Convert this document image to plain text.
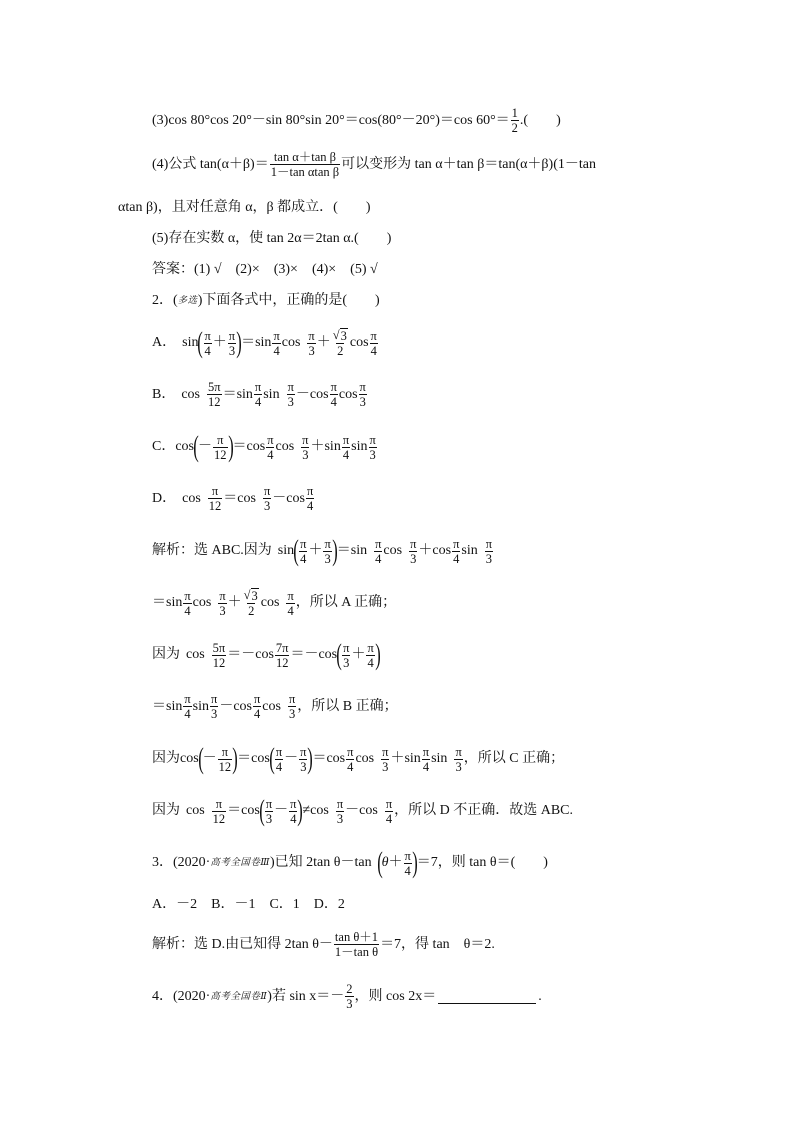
(3)cos 80°cos 20°－sin 80°sin 20°＝cos(80°－20°)＝cos $60^\circ= \frac{1}{2}$ .(　　)
(4)公式 $\tan(\alpha+\beta)= \frac{\text{tan α＋tan β}}{\text{1－tan αtan β}}$ 可以变形为 tan α＋tan β＝tan(α＋β)(1－tan
αtan β)，且对任意角 α，β 都成立．(　　)
(5)存在实数 α，使 tan 2α＝2tan α.(　　)
答案：(1) √　(2)×　(3)×　(4)×　(5) √
2．( 多选 )下面各式中，正确的是(　　)
A． sin ( $\frac{\pi}{4} + \frac{\pi}{3}$ ) ＝ $\sin \frac{\pi}{4}$ $\cos \frac{\pi}{3} + \frac{√ 3}{2}$ $\cos \frac{\pi}{4}$
B． $\cos \frac{5\pi}{12} = \sin \frac{\pi}{4}$ $\sin \frac{\pi}{3} - \cos \frac{\pi}{4}$ $\cos \frac{\pi}{3}$
C． cos ( － $\frac{\pi}{12}$ ) ＝ $\cos \frac{\pi}{4}$ $\cos \frac{\pi}{3} + \sin \frac{\pi}{4}$ $\sin \frac{\pi}{3}$
D． $\cos \frac{\pi}{12} = \cos \frac{\pi}{3} - \cos \frac{\pi}{4}$
解析：选 ABC.因为 sin ( $\frac{\pi}{4} + \frac{\pi}{3}$ ) ＝ $\sin \frac{\pi}{4}$ $\cos \frac{\pi}{3} + \cos \frac{\pi}{4}$ $\sin \frac{\pi}{3}$
＝ $\sin \frac{\pi}{4}$ $\cos \frac{\pi}{3} + \frac{√ 3}{2}$ $\cos \frac{\pi}{4}$ ，所以 A 正确；
因为 $\cos \frac{5\pi}{12}$ ＝ － $\cos \frac{7\pi}{12}$ ＝ － cos ( $\frac{\pi}{3} + \frac{\pi}{4}$ )
＝ $\sin \frac{\pi}{4}$ $\sin \frac{\pi}{3} - \cos \frac{\pi}{4}$ $\cos \frac{\pi}{3}$ ，所以 B 正确；
因为 cos ( － $\frac{\pi}{12}$ ) ＝ cos ( $\frac{\pi}{4} - \frac{\pi}{3}$ ) ＝ $\cos \frac{\pi}{4}$ $\cos \frac{\pi}{3} + \sin \frac{\pi}{4}$ $\sin \frac{\pi}{3}$ ，所以 C 正确；
因为 $\cos \frac{\pi}{12} = \cos$ ( $\frac{\pi}{3} - \frac{\pi}{4}$ ) ≠ $\cos \frac{\pi}{3} - \cos \frac{\pi}{4}$ ，所以 D 不正确．故选 ABC.
3．(2020· 高考全国卷Ⅲ )已知 2tan θ－tan ( $\theta + \frac{\pi}{4}$ ) ＝7，则 tan θ＝(　　)
A．－2　B．－1　C．1　D．2
解析：选 D.由已知得 2tan $\theta - \frac{\text{tan θ＋1}}{\text{1－tan θ}} =7$，得 tan　θ＝2.
4．(2020· 高考全国卷Ⅱ )若 $\sin x=- \frac{2}{3}$ ，则 cos 2x＝	.
